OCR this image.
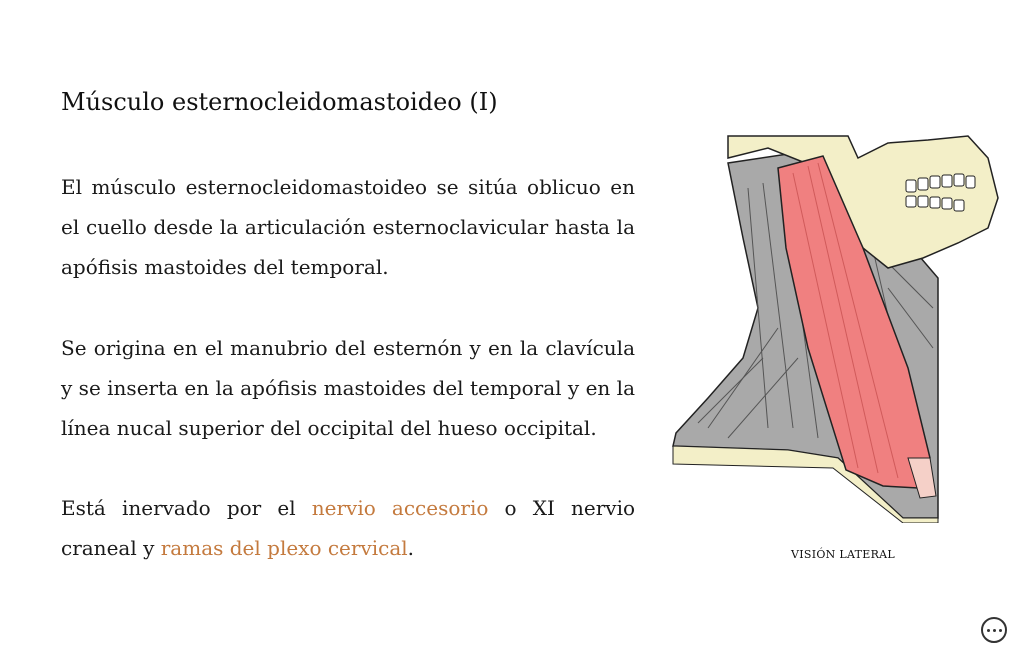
Músculo esternocleidomastoideo (I)

El músculo esternocleidomastoideo se sitúa oblicuo en el cuello desde la articulación esternoclavicular hasta la apófisis mastoides del temporal.

Se origina en el manubrio del esternón y en la clavícula y se inserta en la apófisis mastoides del temporal y en la línea nucal superior del occipital del hueso occipital.

Está inervado por el nervio accesorio o XI nervio craneal y ramas del plexo cervical.	VISIÓN LATERAL
